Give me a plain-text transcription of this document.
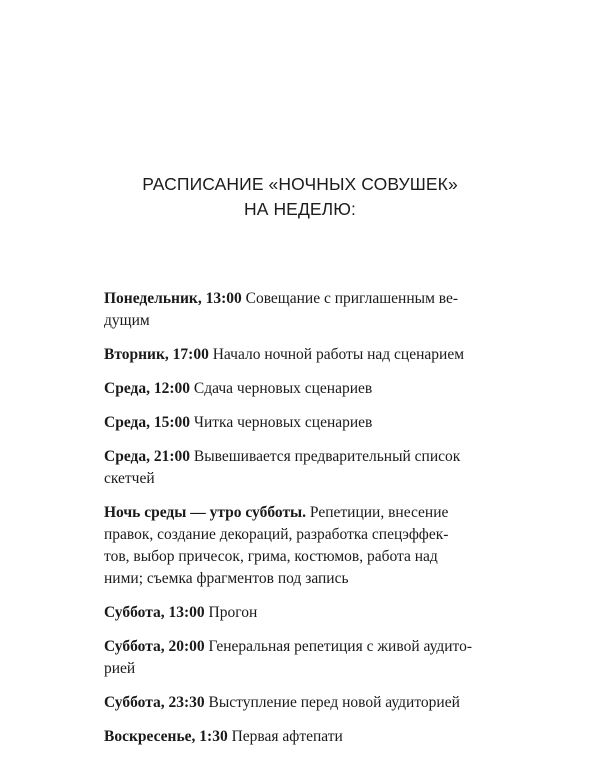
РАСПИСАНИЕ «НОЧНЫХ СОВУШЕК»
НА НЕДЕЛЮ:
Понедельник, 13:00 Совещание с приглашенным ве-
дущим
Вторник, 17:00 Начало ночной работы над сценарием
Среда, 12:00 Сдача черновых сценариев
Среда, 15:00 Читка черновых сценариев
Среда, 21:00 Вывешивается предварительный список
скетчей
Ночь среды — утро субботы. Репетиции, внесение
правок, создание декораций, разработка спецэффек-
тов, выбор причесок, грима, костюмов, работа над
ними; съемка фрагментов под запись
Суббота, 13:00 Прогон
Суббота, 20:00 Генеральная репетиция с живой аудито-
рией
Суббота, 23:30 Выступление перед новой аудиторией
Воскресенье, 1:30 Первая афтепати
